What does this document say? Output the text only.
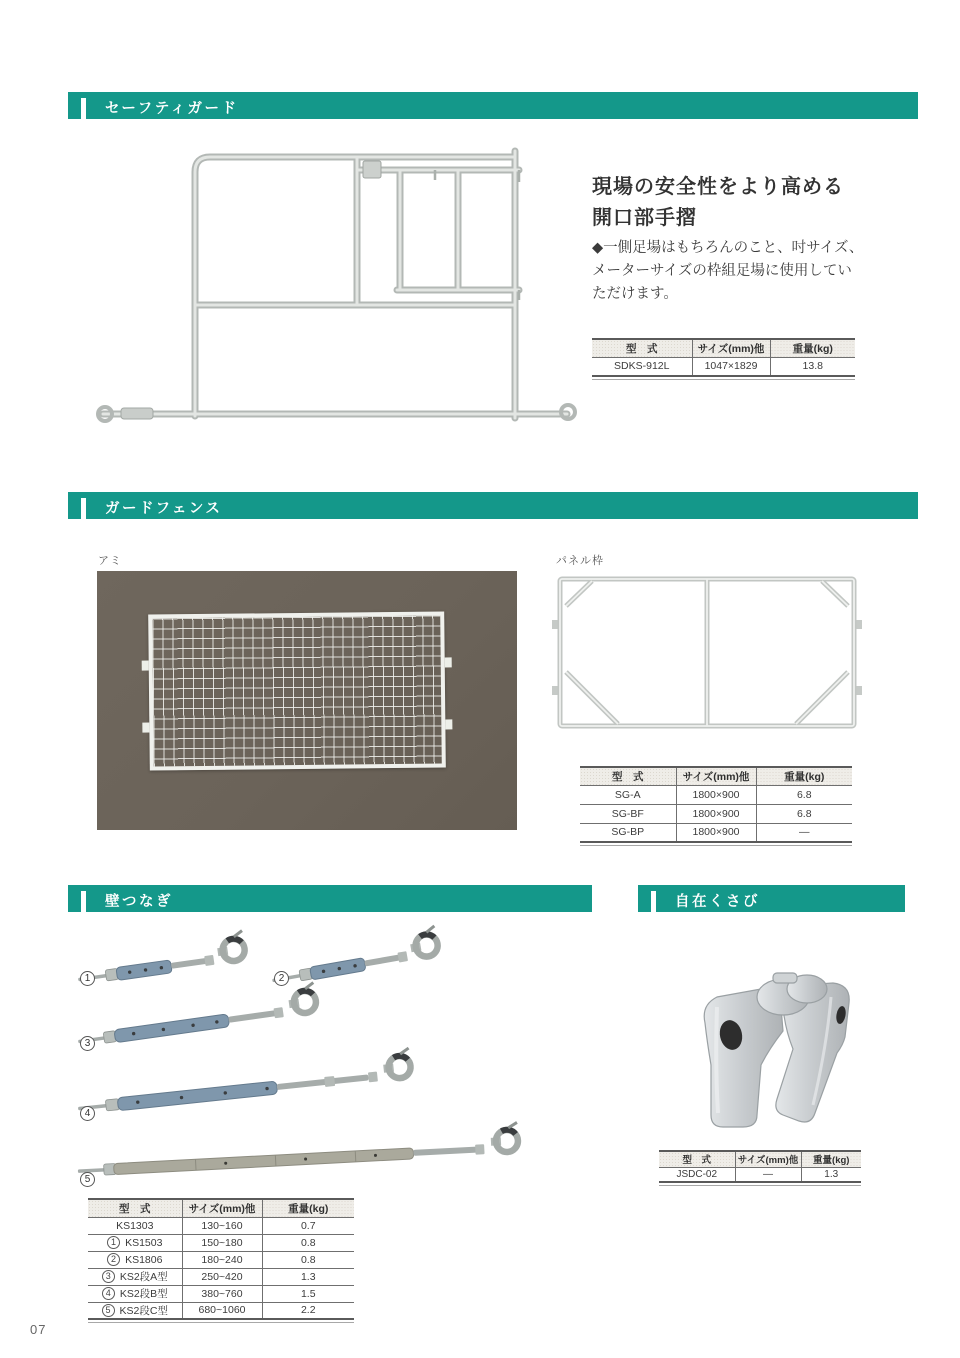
セーフティガード
現場の安全性をより高める
開口部手摺
◆一側足場はもちろんのこと、吋サイズ、
メーターサイズの枠組足場に使用してい
ただけます。
型　式	サイズ(mm)他	重量(kg)
SDKS-912L	1047×1829	13.8
ガードフェンス
アミ	パネル枠
型　式	サイズ(mm)他	重量(kg)
SG-A	1800×900	6.8
SG-BF	1800×900	6.8
SG-BP	1800×900	—
壁つなぎ
1	2
3
4
5
型　式	サイズ(mm)他	重量(kg)

KS1303	130~160	0.7

1 KS1503	150~180	0.8

2 KS1806	180~240	0.8

3 KS2段A型	250~420	1.3

4 KS2段B型	380~760	1.5

5 KS2段C型	680~1060	2.2
自在くさび
型　式	サイズ(mm)他	重量(kg)
JSDC-02	—	1.3
07
